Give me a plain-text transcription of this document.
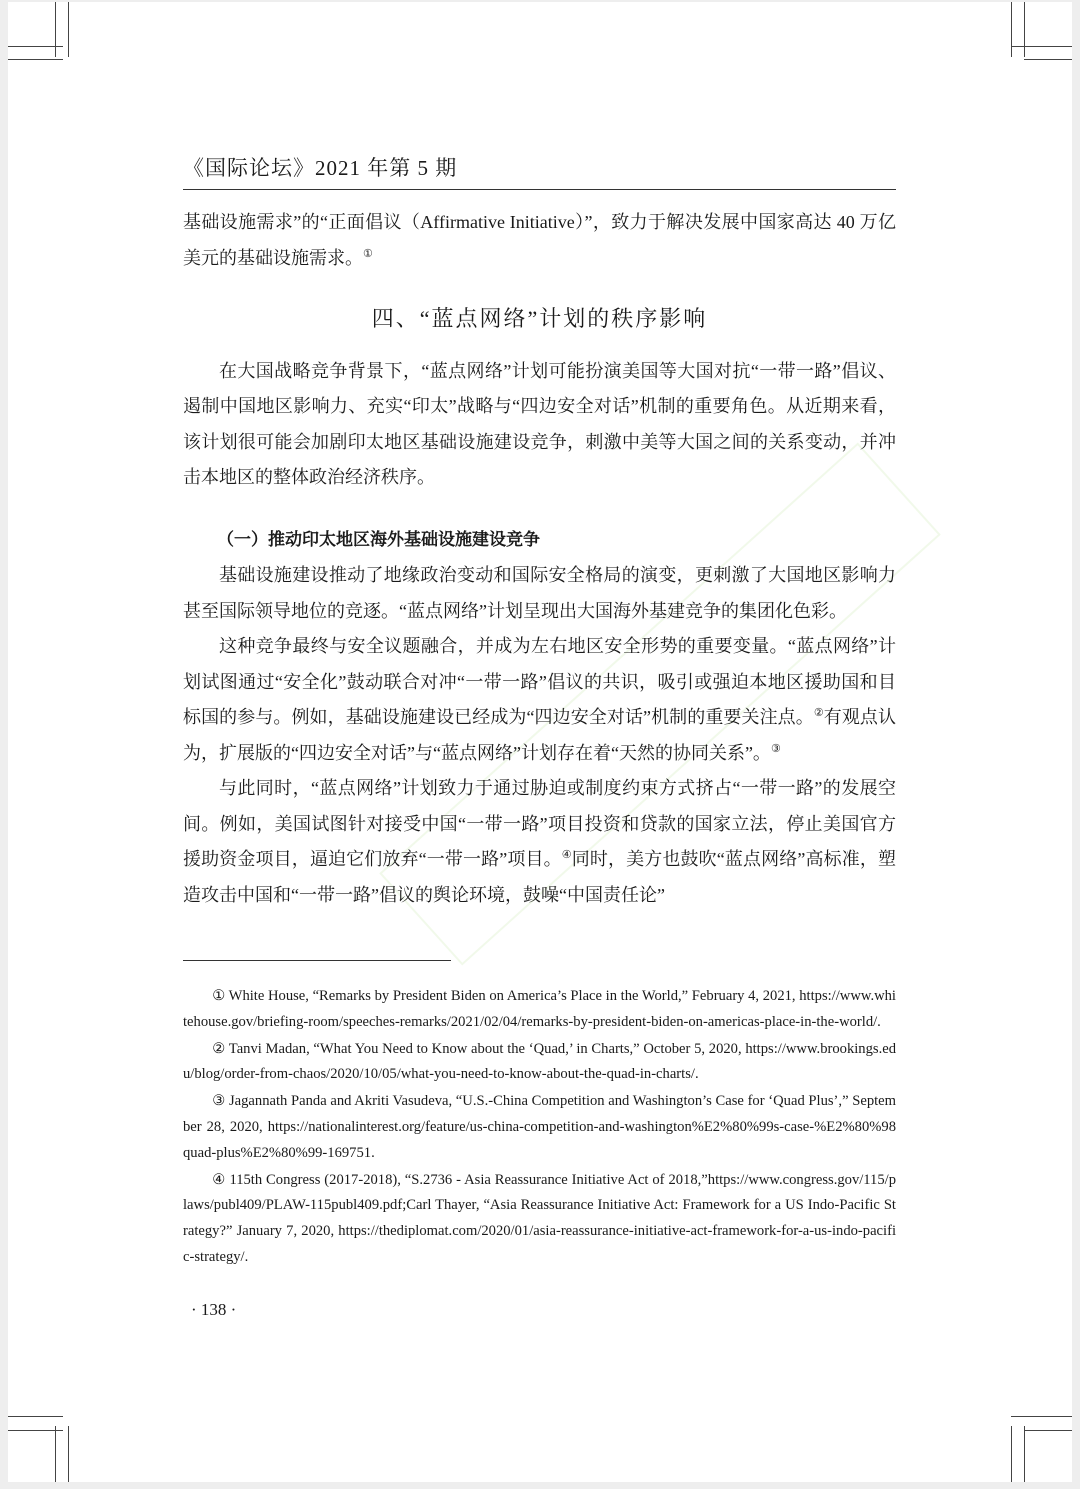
《国际论坛》2021 年第 5 期

基础设施需求”的“正面倡议（Affirmative Initiative）”，致力于解决发展中国家高达 40 万亿美元的基础设施需求。①

四、“蓝点网络”计划的秩序影响

在大国战略竞争背景下，“蓝点网络”计划可能扮演美国等大国对抗“一带一路”倡议、遏制中国地区影响力、充实“印太”战略与“四边安全对话”机制的重要角色。从近期来看，该计划很可能会加剧印太地区基础设施建设竞争，刺激中美等大国之间的关系变动，并冲击本地区的整体政治经济秩序。

（一）推动印太地区海外基础设施建设竞争

基础设施建设推动了地缘政治变动和国际安全格局的演变，更刺激了大国地区影响力甚至国际领导地位的竞逐。“蓝点网络”计划呈现出大国海外基建竞争的集团化色彩。

这种竞争最终与安全议题融合，并成为左右地区安全形势的重要变量。“蓝点网络”计划试图通过“安全化”鼓动联合对冲“一带一路”倡议的共识，吸引或强迫本地区援助国和目标国的参与。例如，基础设施建设已经成为“四边安全对话”机制的重要关注点。②有观点认为，扩展版的“四边安全对话”与“蓝点网络”计划存在着“天然的协同关系”。③

与此同时，“蓝点网络”计划致力于通过胁迫或制度约束方式挤占“一带一路”的发展空间。例如，美国试图针对接受中国“一带一路”项目投资和贷款的国家立法，停止美国官方援助资金项目，逼迫它们放弃“一带一路”项目。④同时，美方也鼓吹“蓝点网络”高标准，塑造攻击中国和“一带一路”倡议的舆论环境，鼓噪“中国责任论”

① White House, “Remarks by President Biden on America’s Place in the World,” February 4, 2021, https://www.whitehouse.gov/briefing-room/speeches-remarks/2021/02/04/remarks-by-president-biden-on-americas-place-in-the-world/.

② Tanvi Madan, “What You Need to Know about the ‘Quad,’ in Charts,” October 5, 2020, https://www.brookings.edu/blog/order-from-chaos/2020/10/05/what-you-need-to-know-about-the-quad-in-charts/.

③ Jagannath Panda and Akriti Vasudeva, “U.S.-China Competition and Washington’s Case for ‘Quad Plus’,” September 28, 2020, https://nationalinterest.org/feature/us-china-competition-and-washington%E2%80%99s-case-%E2%80%98quad-plus%E2%80%99-169751.

④ 115th Congress (2017-2018), “S.2736 - Asia Reassurance Initiative Act of 2018,”https://www.congress.gov/115/plaws/publ409/PLAW-115publ409.pdf;Carl Thayer, “Asia Reassurance Initiative Act: Framework for a US Indo-Pacific Strategy?” January 7, 2020, https://thediplomat.com/2020/01/asia-reassurance-initiative-act-framework-for-a-us-indo-pacific-strategy/.

· 138 ·
